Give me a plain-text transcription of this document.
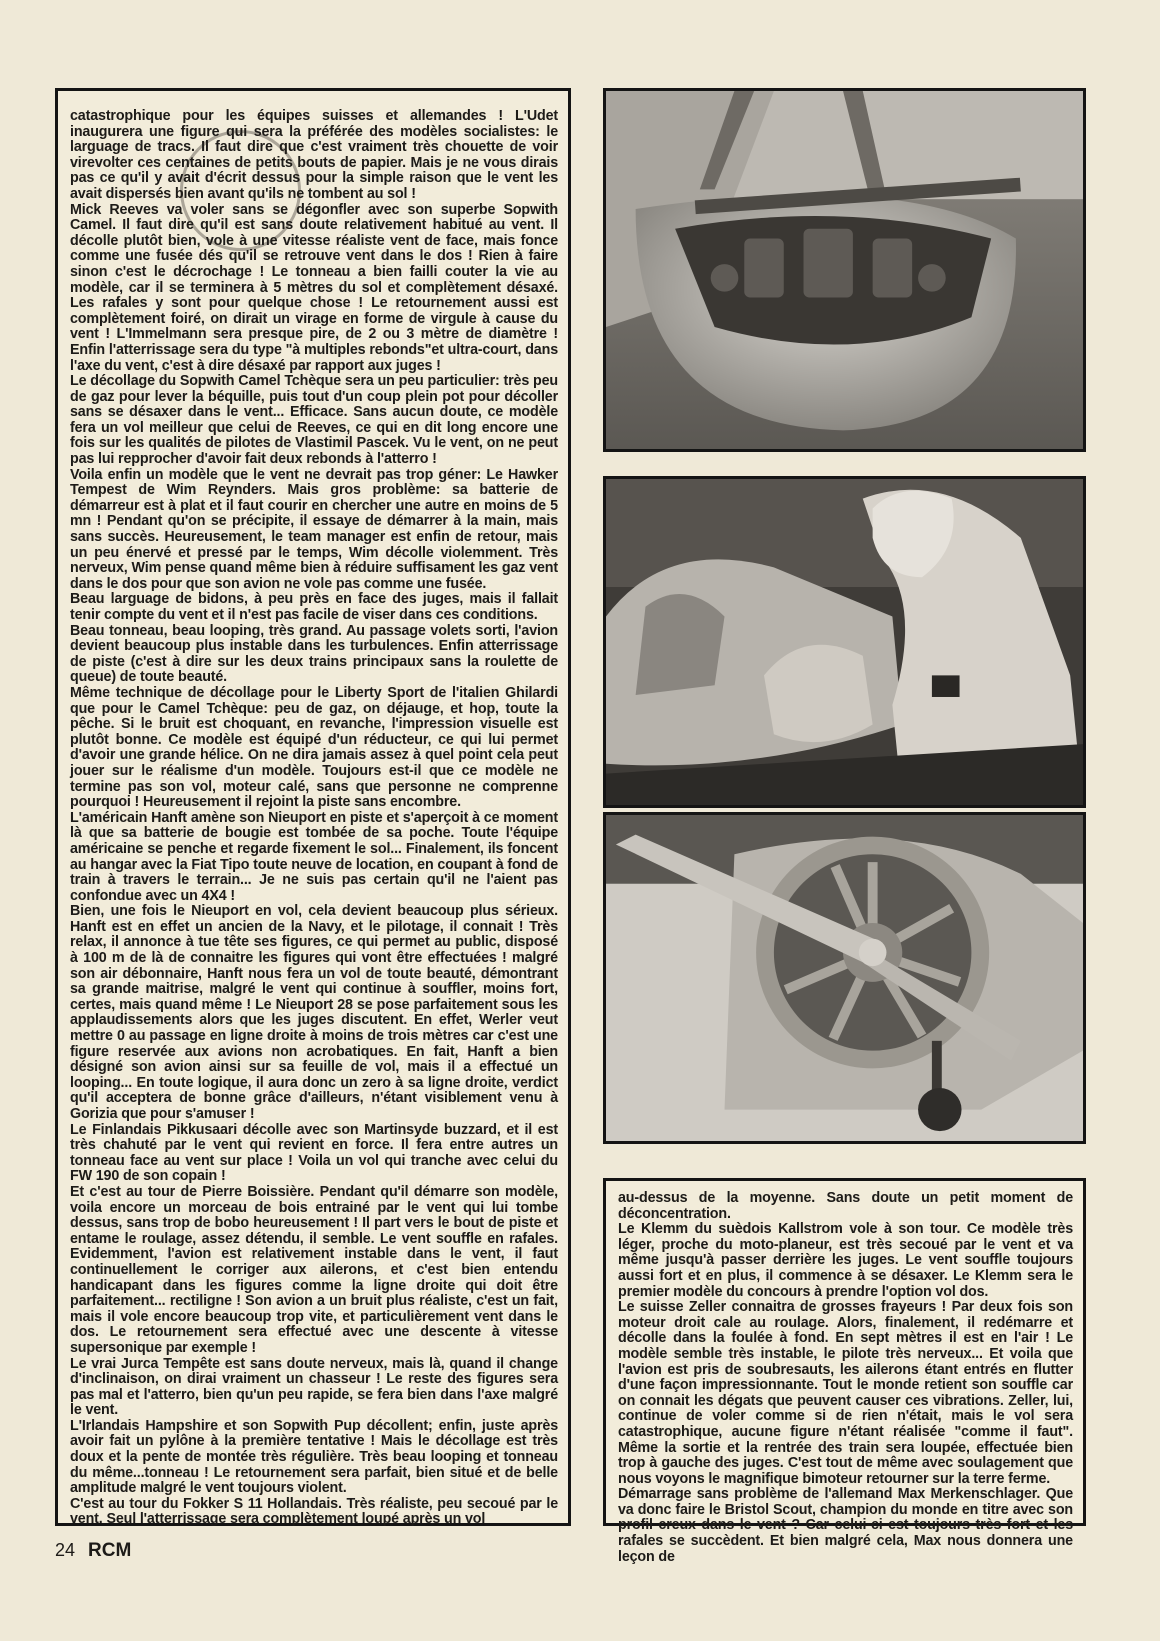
catastrophique pour les équipes suisses et allemandes ! L'Udet inaugurera une figure qui sera la préférée des modèles socialistes: le larguage de tracs. Il faut dire que c'est vraiment très chouette de voir virevolter ces centaines de petits bouts de papier. Mais je ne vous dirais pas ce qu'il y avait d'écrit dessus pour la simple raison que le vent les avait dispersés bien avant qu'ils ne tombent au sol !

Mick Reeves va voler sans se dégonfler avec son superbe Sopwith Camel. Il faut dire qu'il est sans doute relativement habitué au vent. Il décolle plutôt bien, vole à une vitesse réaliste vent de face, mais fonce comme une fusée dés qu'il se retrouve vent dans le dos ! Rien à faire sinon c'est le décrochage ! Le tonneau a bien failli couter la vie au modèle, car il se terminera à 5 mètres du sol et complètement désaxé. Les rafales y sont pour quelque chose ! Le retournement aussi est complètement foiré, on dirait un virage en forme de virgule à cause du vent ! L'Immelmann sera presque pire, de 2 ou 3 mètre de diamètre ! Enfin l'atterrissage sera du type "à multiples rebonds"et ultra-court, dans l'axe du vent, c'est à dire désaxé par rapport aux juges !

Le décollage du Sopwith Camel Tchèque sera un peu particulier: très peu de gaz pour lever la béquille, puis tout d'un coup plein pot pour décoller sans se désaxer dans le vent... Efficace. Sans aucun doute, ce modèle fera un vol meilleur que celui de Reeves, ce qui en dit long encore une fois sur les qualités de pilotes de Vlastimil Pascek. Vu le vent, on ne peut pas lui repprocher d'avoir fait deux rebonds à l'atterro !

Voila enfin un modèle que le vent ne devrait pas trop géner: Le Hawker Tempest de Wim Reynders. Mais gros problème: sa batterie de démarreur est à plat et il faut courir en chercher une autre en moins de 5 mn ! Pendant qu'on se précipite, il essaye de démarrer à la main, mais sans succès. Heureusement, le team manager est enfin de retour, mais un peu énervé et pressé par le temps, Wim décolle violemment. Très nerveux, Wim pense quand même bien à réduire suffisament les gaz vent dans le dos pour que son avion ne vole pas comme une fusée.

Beau larguage de bidons, à peu près en face des juges, mais il fallait tenir compte du vent et il n'est pas facile de viser dans ces conditions.

Beau tonneau, beau looping, très grand. Au passage volets sorti, l'avion devient beaucoup plus instable dans les turbulences. Enfin atterrissage de piste (c'est à dire sur les deux trains principaux sans la roulette de queue) de toute beauté.

Même technique de décollage pour le Liberty Sport de l'italien Ghilardi que pour le Camel Tchèque: peu de gaz, on déjauge, et hop, toute la pêche. Si le bruit est choquant, en revanche, l'impression visuelle est plutôt bonne. Ce modèle est équipé d'un réducteur, ce qui lui permet d'avoir une grande hélice. On ne dira jamais assez à quel point cela peut jouer sur le réalisme d'un modèle. Toujours est-il que ce modèle ne termine pas son vol, moteur calé, sans que personne ne comprenne pourquoi ! Heureusement il rejoint la piste sans encombre.

L'américain Hanft amène son Nieuport en piste et s'aperçoit à ce moment là que sa batterie de bougie est tombée de sa poche. Toute l'équipe américaine se penche et regarde fixement le sol... Finalement, ils foncent au hangar avec la Fiat Tipo toute neuve de location, en coupant à fond de train à travers le terrain... Je ne suis pas certain qu'il ne l'aient pas confondue avec un 4X4 !

Bien, une fois le Nieuport en vol, cela devient beaucoup plus sérieux. Hanft est en effet un ancien de la Navy, et le pilotage, il connait ! Très relax, il annonce à tue tête ses figures, ce qui permet au public, disposé à 100 m de là de connaitre les figures qui vont être effectuées ! malgré son air débonnaire, Hanft nous fera un vol de toute beauté, démontrant sa grande maitrise, malgré le vent qui continue à souffler, moins fort, certes, mais quand même ! Le Nieuport 28 se pose parfaitement sous les applaudissements alors que les juges discutent. En effet, Werler veut mettre 0 au passage en ligne droite à moins de trois mètres car c'est une figure reservée aux avions non acrobatiques. En fait, Hanft a bien désigné son avion ainsi sur sa feuille de vol, mais il a effectué un looping... En toute logique, il aura donc un zero à sa ligne droite, verdict qu'il acceptera de bonne grâce d'ailleurs, n'étant visiblement venu à Gorizia que pour s'amuser !

Le Finlandais Pikkusaari décolle avec son Martinsyde buzzard, et il est très chahuté par le vent qui revient en force. Il fera entre autres un tonneau face au vent sur place ! Voila un vol qui tranche avec celui du FW 190 de son copain !

Et c'est au tour de Pierre Boissière. Pendant qu'il démarre son modèle, voila encore un morceau de bois entrainé par le vent qui lui tombe dessus, sans trop de bobo heureusement ! Il part vers le bout de piste et entame le roulage, assez détendu, il semble. Le vent souffle en rafales. Evidemment, l'avion est relativement instable dans le vent, il faut continuellement le corriger aux ailerons, et c'est bien entendu handicapant dans les figures comme la ligne droite qui doit être parfaitement... rectiligne ! Son avion a un bruit plus réaliste, c'est un fait, mais il vole encore beaucoup trop vite, et particulièrement vent dans le dos. Le retournement sera effectué avec une descente à vitesse supersonique par exemple !

Le vrai Jurca Tempête est sans doute nerveux, mais là, quand il change d'inclinaison, on dirai vraiment un chasseur ! Le reste des figures sera pas mal et l'atterro, bien qu'un peu rapide, se fera bien dans l'axe malgré le vent.

L'Irlandais Hampshire et son Sopwith Pup décollent; enfin, juste après avoir fait un pylône à la première tentative ! Mais le décollage est très doux et la pente de montée très régulière. Très beau looping et tonneau du même...tonneau ! Le retournement sera parfait, bien situé et de belle amplitude malgré le vent toujours violent.

C'est au tour du Fokker S 11 Hollandais. Très réaliste, peu secoué par le vent. Seul l'atterrissage sera complètement loupé après un vol

au-dessus de la moyenne. Sans doute un petit moment de déconcentration.

Le Klemm du suèdois Kallstrom vole à son tour. Ce modèle très léger, proche du moto-planeur, est très secoué par le vent et va même jusqu'à passer derrière les juges. Le vent souffle toujours aussi fort et en plus, il commence à se désaxer. Le Klemm sera le premier modèle du concours à prendre l'option vol dos.

Le suisse Zeller connaitra de grosses frayeurs ! Par deux fois son moteur droit cale au roulage. Alors, finalement, il redémarre et décolle dans la foulée à fond. En sept mètres il est en l'air ! Le modèle semble très instable, le pilote très nerveux... Et voila que l'avion est pris de soubresauts, les ailerons étant entrés en flutter d'une façon impressionnante. Tout le monde retient son souffle car on connait les dégats que peuvent causer ces vibrations. Zeller, lui, continue de voler comme si de rien n'était, mais le vol sera catastrophique, aucune figure n'étant réalisée "comme il faut". Même la sortie et la rentrée des train sera loupée, effectuée bien trop à gauche des juges. C'est tout de même avec soulagement que nous voyons le magnifique bimoteur retourner sur la terre ferme.

Démarrage sans problème de l'allemand Max Merkenschlager. Que va donc faire le Bristol Scout, champion du monde en titre avec son profil creux dans le vent ? Car celui-ci est toujours très fort et les rafales se succèdent. Et bien malgré cela, Max nous donnera une leçon de

24 RCM
